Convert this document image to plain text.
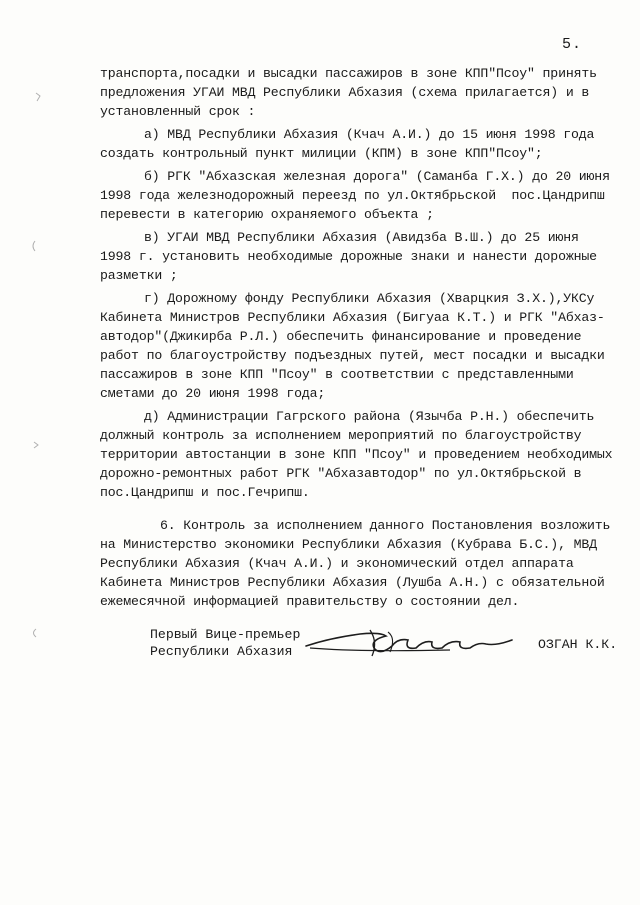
5.
транспорта,посадки и высадки пассажиров в зоне КПП"Псоу" принять
предложения УГАИ МВД Республики Абхазия (схема прилагается) и в
установленный срок :
а) МВД Республики Абхазия (Кчач А.И.) до 15 июня 1998 года
создать контрольный пункт милиции (КПМ) в зоне КПП"Псоу";
б) РГК "Абхазская железная дорога" (Саманба Г.Х.) до 20 июня
1998 года железнодорожный переезд по ул.Октябрьской  пос.Цандрипш
перевести в категорию охраняемого объекта ;
в) УГАИ МВД Республики Абхазия (Авидзба В.Ш.) до 25 июня
1998 г. установить необходимые дорожные знаки и нанести дорожные
разметки ;
г) Дорожному фонду Республики Абхазия (Хварцкия З.Х.),УКСу
Кабинета Министров Республики Абхазия (Бигуаа К.Т.) и РГК "Абхаз-
автодор"(Джикирба Р.Л.) обеспечить финансирование и проведение
работ по благоустройству подъездных путей, мест посадки и высадки
пассажиров в зоне КПП "Псоу" в соответствии с представленными
сметами до 20 июня 1998 года;
д) Администрации Гагрского района (Язычба Р.Н.) обеспечить
должный контроль за исполнением мероприятий по благоустройству
территории автостанции в зоне КПП "Псоу" и проведением необходимых
дорожно-ремонтных работ РГК "Абхазавтодор" по ул.Октябрьской в
пос.Цандрипш и пос.Гечрипш.
6. Контроль за исполнением данного Постановления возложить
на Министерство экономики Республики Абхазия (Кубрава Б.С.), МВД
Республики Абхазия (Кчач А.И.) и экономический отдел аппарата
Кабинета Министров Республики Абхазия (Лушба А.Н.) с обязательной
ежемесячной информацией правительству о состоянии дел.
Первый Вице-премьер
Республики Абхазия	ОЗГАН К.К.
